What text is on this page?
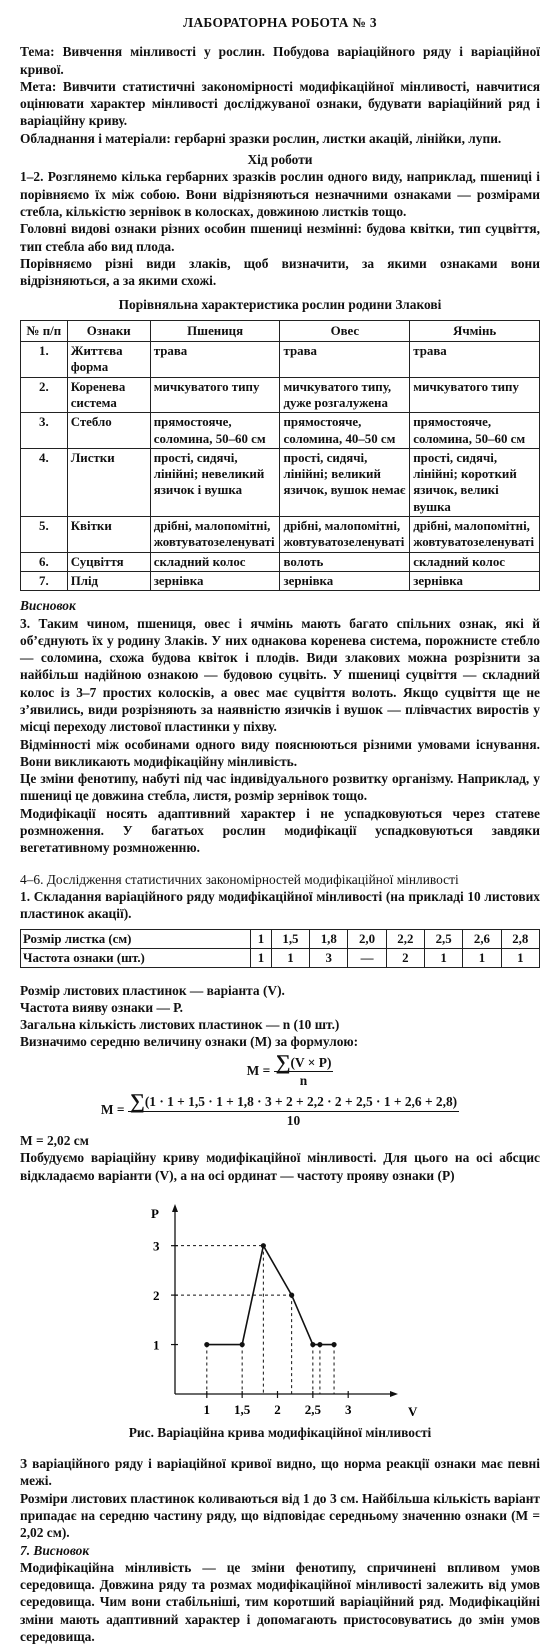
ЛАБОРАТОРНА РОБОТА № 3

Тема: Вивчення мінливості у рослин. Побудова варіаційного ряду і варіаційної кривої.

Мета: Вивчити статистичні закономірності модифікаційної мінливості, навчитися оцінювати характер мінливості досліджуваної ознаки, будувати варіаційний ряд і варіаційну криву.

Обладнання і матеріали: гербарні зразки рослин, листки акацій, лінійки, лупи.

Хід роботи

1–2. Розглянемо кілька гербарних зразків рослин одного виду, наприклад, пшениці і порівняємо їх між собою. Вони відрізняються незначними ознаками — розмірами стебла, кількістю зернівок в колосках, довжиною листків тощо.

Головні видові ознаки різних особин пшениці незмінні: будова квітки, тип суцвіття, тип стебла або вид плода.

Порівняємо різні види злаків, щоб визначити, за якими ознаками вони відрізняються, а за якими схожі.

Порівняльна характеристика рослин родини Злакові
№ п/п	Ознаки	Пшениця	Овес	Ячмінь
1.	Життєва форма	трава	трава	трава
2.	Коренева система	мичкуватого типу	мичкуватого типу, дуже розгалужена	мичкуватого типу
3.	Стебло	прямостояче, соломина, 50–60 см	прямостояче, соломина, 40–50 см	прямостояче, соломина, 50–60 см
4.	Листки	прості, сидячі, лінійні; невеликий язичок і вушка	прості, сидячі, лінійні; великий язичок, вушок немає	прості, сидячі, лінійні; короткий язичок, великі вушка
5.	Квітки	дрібні, малопомітні, жовтуватозеленуваті	дрібні, малопомітні, жовтуватозеленуваті	дрібні, малопомітні, жовтуватозеленуваті
6.	Суцвіття	складний колос	волоть	складний колос
7.	Плід	зернівка	зернівка	зернівка
Висновок

3. Таким чином, пшениця, овес і ячмінь мають багато спільних ознак, які й об’єднують їх у родину Злаків. У них однакова коренева система, порожнисте стебло — соломина, схожа будова квіток і плодів. Види злакових можна розрізнити за найбільш надійною ознакою — будовою суцвіть. У пшениці суцвіття — складний колос із 3–7 простих колосків, а овес має суцвіття волоть. Якщо суцвіття ще не з’явились, види розрізняють за наявністю язичків і вушок — плівчастих виростів у місці переходу листової пластинки у піхву.

Відмінності між особинами одного виду пояснюються різними умовами існування. Вони викликають модифікаційну мінливість.

Це зміни фенотипу, набуті під час індивідуального розвитку організму. Наприклад, у пшениці це довжина стебла, листя, розмір зернівок тощо.

Модифікації носять адаптивний характер і не успадковуються через статеве розмноження. У багатьох рослин модифікації успадковуються завдяки вегетативному розмноженню.

4–6. Дослідження статистичних закономірностей модифікаційної мінливості

1. Складання варіаційного ряду модифікаційної мінливості (на прикладі 10 листових пластинок акації).

Розмір листка (см)	1	1,5	1,8	2,0	2,2	2,5	2,6	2,8
Частота ознаки (шт.)	1	1	3	—	2	1	1	1
Розмір листових пластинок — варіанта (V).
Частота вияву ознаки — Р.
Загальна кількість листових пластинок — n (10 шт.)
Визначимо середню величину ознаки (М) за формулою:
$M = \frac{\sum(V \times P)}{n}$
M = ∑(1 · 1 + 1,5 · 1 + 1,8 · 3 + 2 + 2,2 · 2 + 2,5 · 1 + 2,6 + 2,8)
10
M = 2,02 см

Побудуємо варіаційну криву модифікаційної мінливості. Для цього на осі абсцис відкладаємо варіанти (V), а на осі ординат — частоту прояву ознаки (Р)

V
P
1
2
3
1 1,5 2 2,5 3
Рис. Варіаційна крива модифікаційної мінливості

З варіаційного ряду і варіаційної кривої видно, що норма реакції ознаки має певні межі.

Розміри листових пластинок коливаються від 1 до 3 см. Найбільша кількість варіант припадає на середню частину ряду, що відповідає середньому значенню ознаки (М = 2,02 см).

7. Висновок

Модифікаційна мінливість — це зміни фенотипу, спричинені впливом умов середовища. Довжина ряду та розмах модифікаційної мінливості залежить від умов середовища. Чим вони стабільніші, тим коротший варіаційний ряд. Модифікаційні зміни мають адаптивний характер і допомагають пристосовуватись до змін умов середовища.
